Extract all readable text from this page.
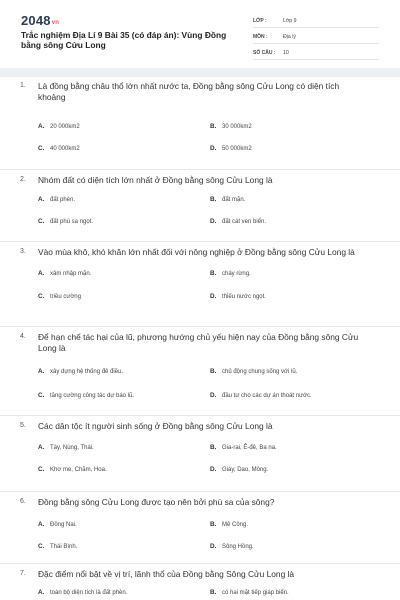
2048vn
Trắc nghiệm Địa Lí 9 Bài 35 (có đáp án): Vùng Đồng bằng sông Cửu Long
LỚP :	Lớp 9
MÔN :	Địa lý
SỐ CÂU :	10
1. Là đồng bằng châu thổ lớn nhất nước ta, Đồng bằng sông Cửu Long có diện tích khoảng
A. 20 000km2	B. 30 000km2
C. 40 000km2	D. 50 000km2
2. Nhóm đất có diện tích lớn nhất ở Đồng bằng sông Cửu Long là
A. đất phèn.	B. đất mặn.
C. đất phù sa ngọt.	D. đất cát ven biển.
3. Vào mùa khô, khó khăn lớn nhất đối với nông nghiệp ở Đồng bằng sông Cửu Long là
A. xâm nhập mặn.	B. cháy rừng.
C. triều cường	D. thiếu nước ngọt.
4. Để hạn chế tác hại của lũ, phương hướng chủ yếu hiện nay của Đồng bằng sông Cửu Long là
A. xây dựng hệ thống đê điều.	B. chủ động chung sống với lũ.
C. tăng cường công tác dự báo lũ.	D. đầu tư cho các dự án thoát nước.
5. Các dân tộc ít người sinh sống ở Đồng bằng sông Cửu Long là
A. Tày, Nùng, Thái.	B. Gia-rai, Ê-đê, Ba na.
C. Khơ me, Chăm, Hoa.	D. Giáy, Dao, Mông.
6. Đồng bằng sông Cửu Long được tạo nên bởi phù sa của sông?
A. Đồng Nai.	B. Mê Công.
C. Thái Bình.	D. Sông Hồng.
7. Đặc điểm nổi bật về vị trí, lãnh thổ của Đồng bằng Sông Cửu Long là
A. toàn bộ diện tích là đất phèn.	B. có hai mặt tiếp giáp biển.
